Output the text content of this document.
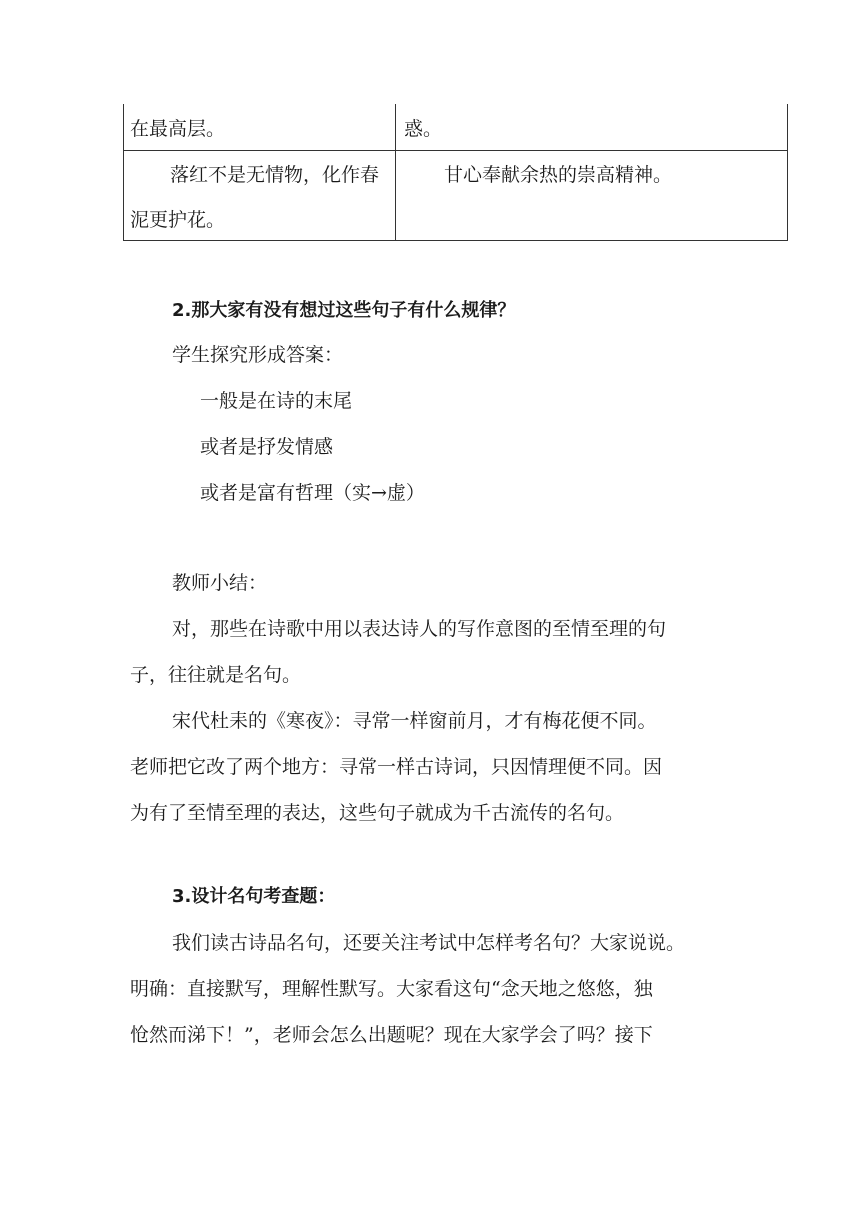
在最高层。	惑。
落红不是无情物，化作春
泥更护花。
甘心奉献余热的崇高精神。
2.那大家有没有想过这些句子有什么规律？
学生探究形成答案：
一般是在诗的末尾
或者是抒发情感
或者是富有哲理（实→虚）
教师小结：
对，那些在诗歌中用以表达诗人的写作意图的至情至理的句
子，往往就是名句。
宋代杜耒的《寒夜》：寻常一样窗前月，才有梅花便不同。
老师把它改了两个地方：寻常一样古诗词，只因情理便不同。因
为有了至情至理的表达，这些句子就成为千古流传的名句。
3.设计名句考查题：
我们读古诗品名句，还要关注考试中怎样考名句？大家说说。
明确：直接默写，理解性默写。大家看这句“念天地之悠悠，独
怆然而涕下！”，老师会怎么出题呢？现在大家学会了吗？接下
